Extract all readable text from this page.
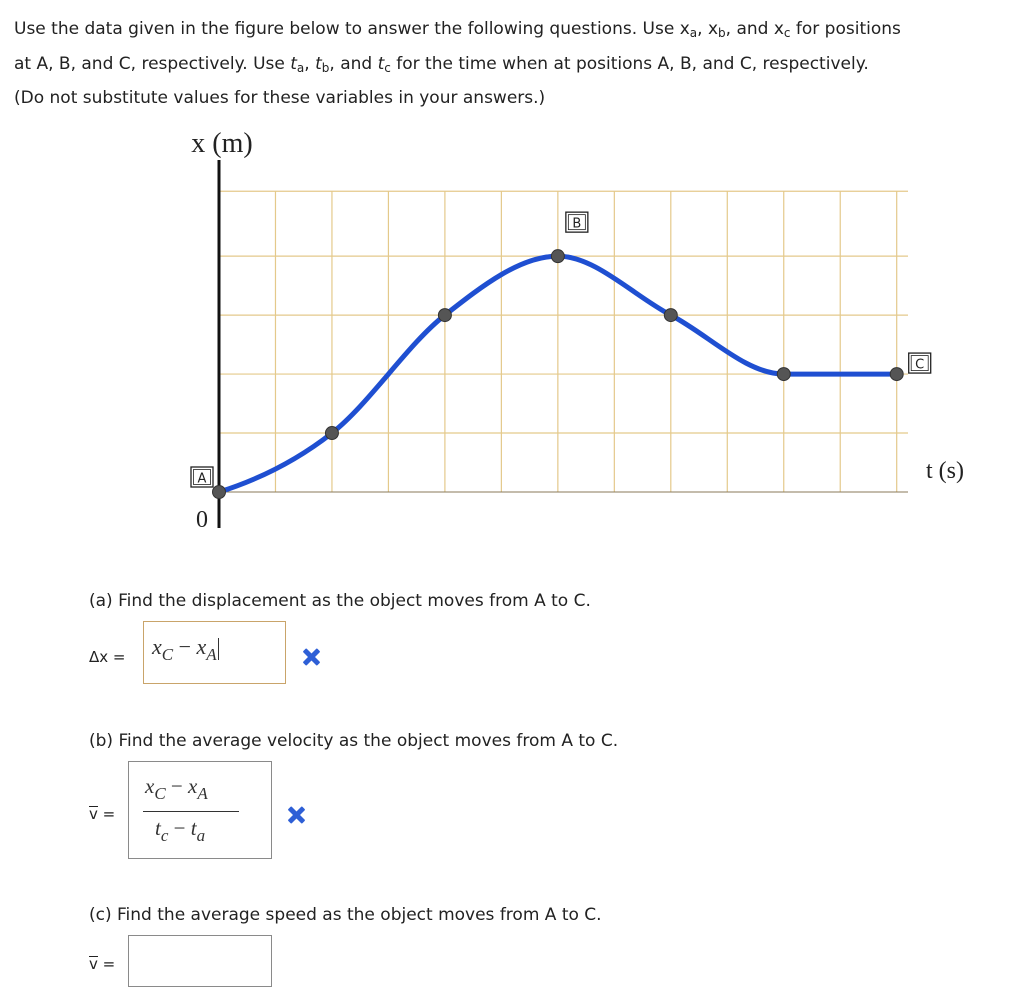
Use the data given in the figure below to answer the following questions. Use $x_a$, $x_b$, and $x_c$ for positions
at A, B, and C, respectively. Use $t_a$, $t_b$, and $t_c$ for the time when at positions A, B, and C, respectively.
(Do not substitute values for these variables in your answers.)
A
B
C
x (m)
t (s)
0
(a) Find the displacement as the object moves from A to C.
$\Delta x = x_C - x_A$
(b) Find the average velocity as the object moves from A to C.
v =
$x_C - x_A$
$t_c - t_a$
(c) Find the average speed as the object moves from A to C.
v =
